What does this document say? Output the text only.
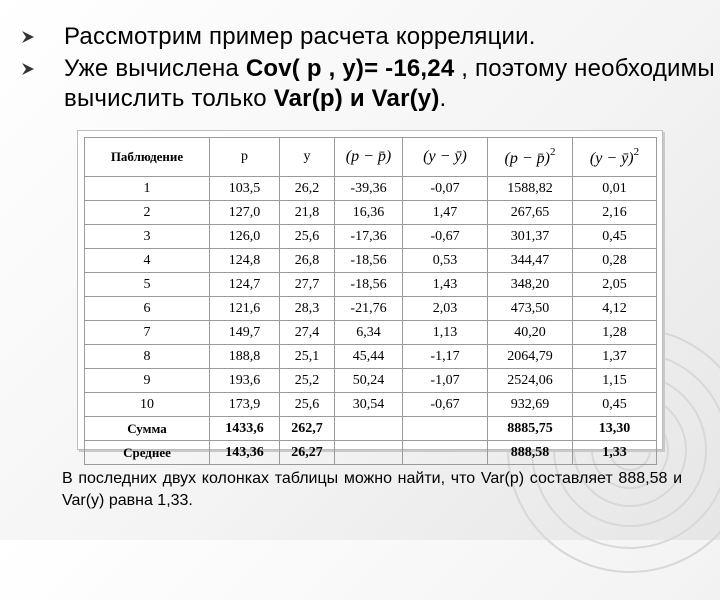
Рассмотрим пример расчета корреляции.
Уже вычислена Cov( p , y)= -16,24 , поэтому необходимы вычислить только Var(p) и Var(y).
Паблюдение	р	у	(p − p̄)	(y − ȳ)	(p − p̄)$^2$	(y − ȳ)$^2$
1	103,5	26,2	-39,36	-0,07	1588,82	0,01
2	127,0	21,8	16,36	1,47	267,65	2,16
3	126,0	25,6	-17,36	-0,67	301,37	0,45
4	124,8	26,8	-18,56	0,53	344,47	0,28
5	124,7	27,7	-18,56	1,43	348,20	2,05
6	121,6	28,3	-21,76	2,03	473,50	4,12
7	149,7	27,4	6,34	1,13	40,20	1,28
8	188,8	25,1	45,44	-1,17	2064,79	1,37
9	193,6	25,2	50,24	-1,07	2524,06	1,15
10	173,9	25,6	30,54	-0,67	932,69	0,45
Сумма	1433,6	262,7			8885,75	13,30
Среднее	143,36	26,27			888,58	1,33
В последних двух колонках таблицы можно найти, что Var(p) составляет 888,58 и Var(y) равна 1,33.
